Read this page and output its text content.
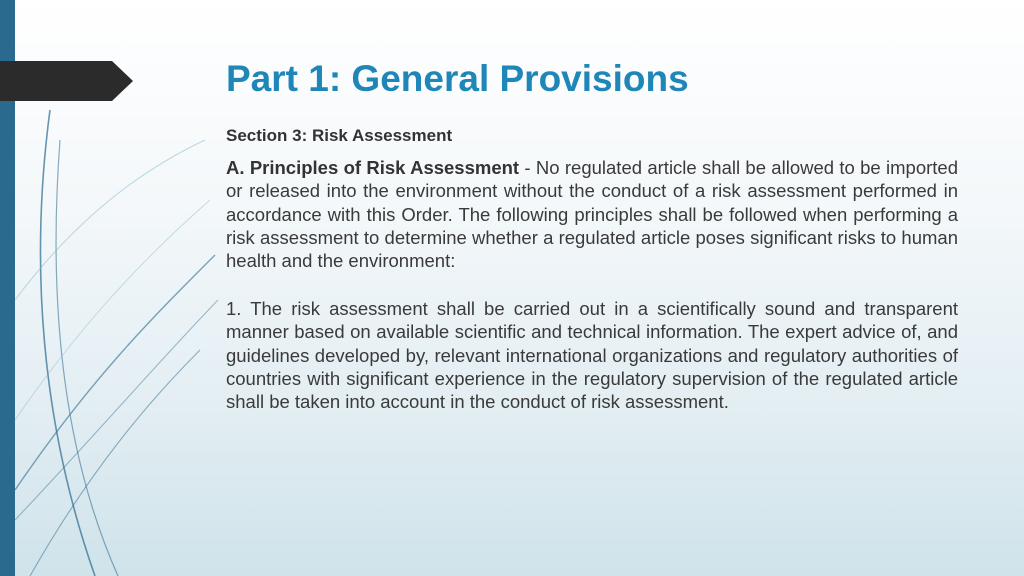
Part 1: General Provisions
Section 3: Risk Assessment

A. Principles of Risk Assessment - No regulated article shall be allowed to be imported or released into the environment without the conduct of a risk assessment performed in accordance with this Order. The following principles shall be followed when performing a risk assessment to determine whether a regulated article poses significant risks to human health and the environment:

1. The risk assessment shall be carried out in a scientifically sound and transparent manner based on available scientific and technical information. The expert advice of, and guidelines developed by, relevant international organizations and regulatory authorities of countries with significant experience in the regulatory supervision of the regulated article shall be taken into account in the conduct of risk assessment.
